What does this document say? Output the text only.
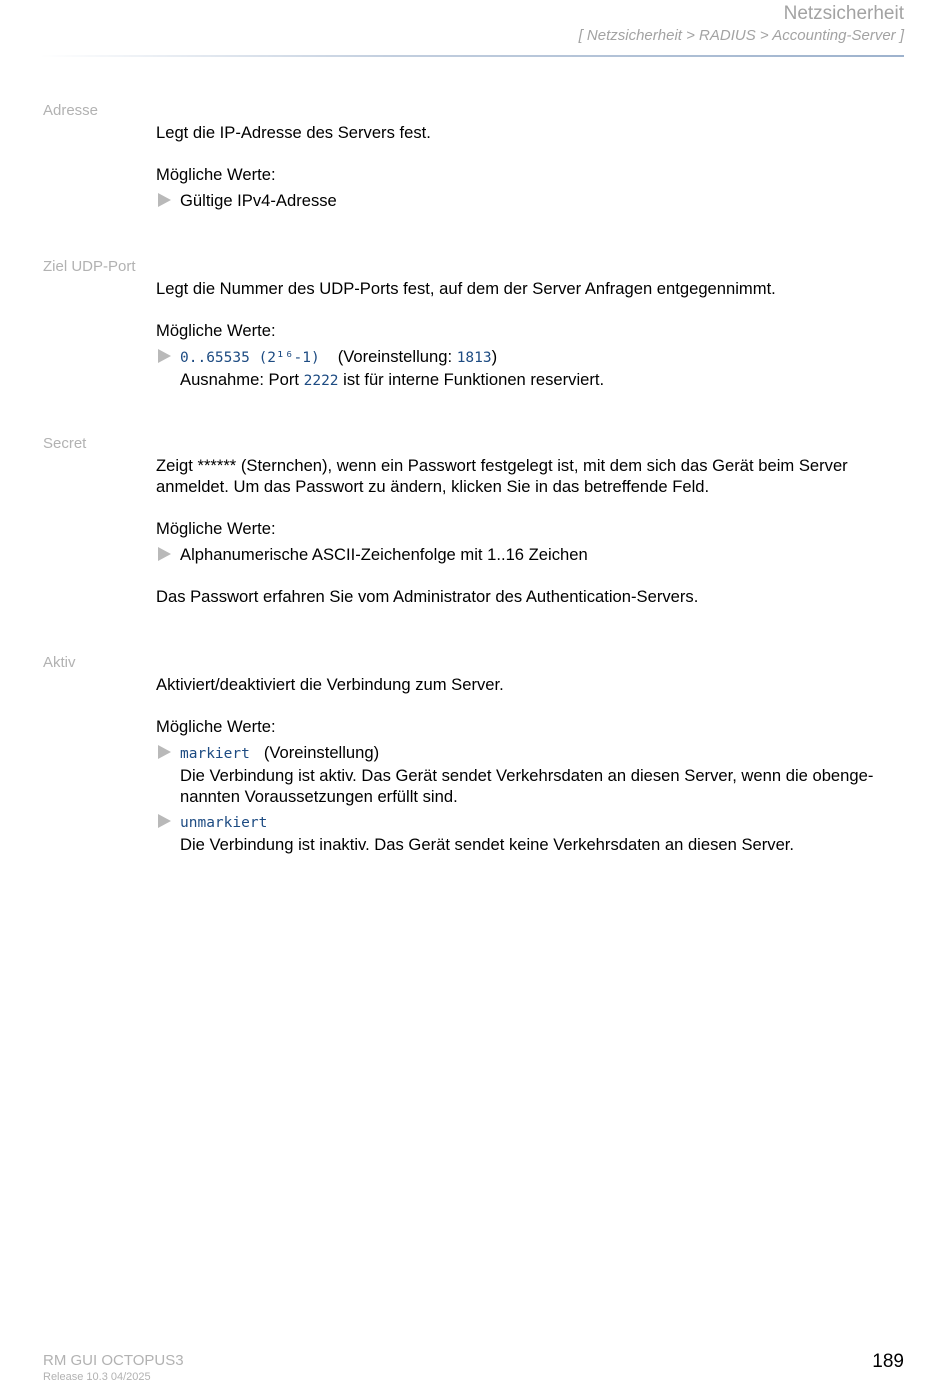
Netzsicherheit
[ Netzsicherheit > RADIUS > Accounting-Server ]
Adresse

Legt die IP-Adresse des Servers fest.

Mögliche Werte:

Gültige IPv4-Adresse
Ziel UDP-Port

Legt die Nummer des UDP-Ports fest, auf dem der Server Anfragen entgegennimmt.

Mögliche Werte:

0..65535 (2¹⁶-1) (Voreinstellung: 1813)
Ausnahme: Port 2222 ist für interne Funktionen reserviert.
Secret

Zeigt ****** (Sternchen), wenn ein Passwort festgelegt ist, mit dem sich das Gerät beim Server anmeldet. Um das Passwort zu ändern, klicken Sie in das betreffende Feld.

Mögliche Werte:

Alphanumerische ASCII-Zeichenfolge mit 1..16 Zeichen

Das Passwort erfahren Sie vom Administrator des Authentication-Servers.

Aktiv

Aktiviert/deaktiviert die Verbindung zum Server.

Mögliche Werte:

markiert (Voreinstellung)
Die Verbindung ist aktiv. Das Gerät sendet Verkehrsdaten an diesen Server, wenn die obengenannten Voraussetzungen erfüllt sind.
unmarkiert
Die Verbindung ist inaktiv. Das Gerät sendet keine Verkehrsdaten an diesen Server.
RM GUI OCTOPUS3
Release 10.3 04/2025
189
